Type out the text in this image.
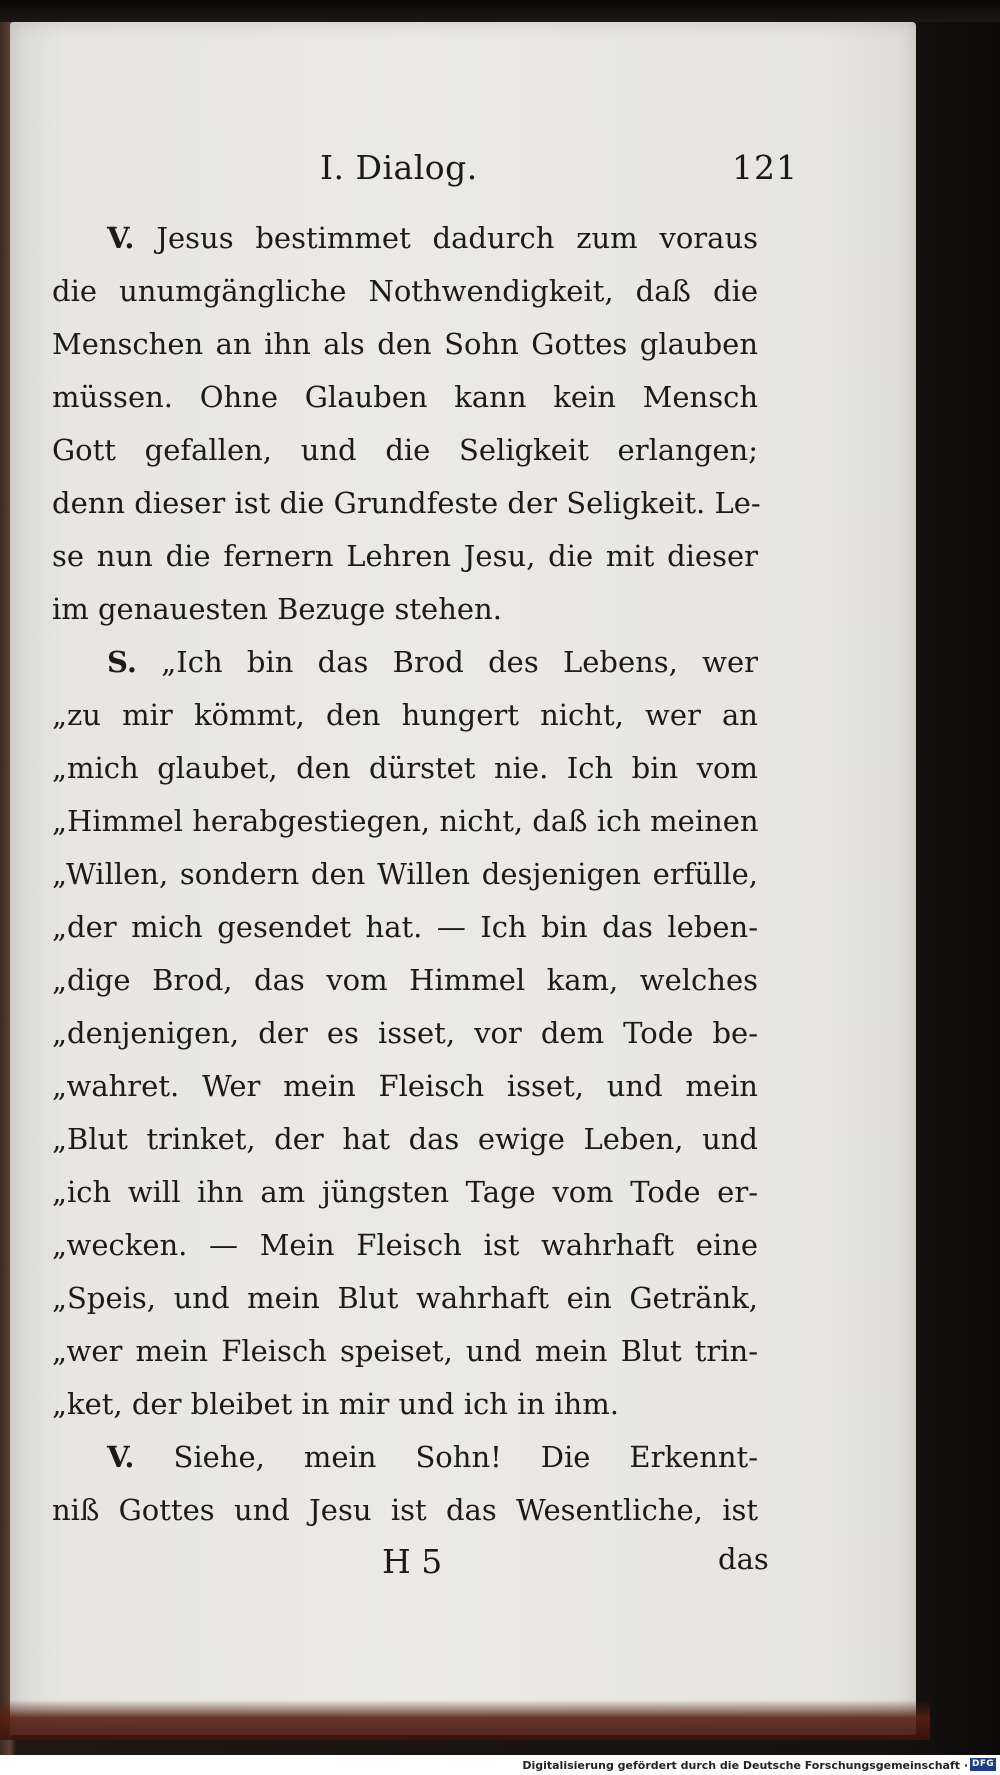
I. Dialog.	121
V. Jesus bestimmet dadurch zum voraus
die unumgängliche Nothwendigkeit, daß die
Menschen an ihn als den Sohn Gottes glauben
müssen. Ohne Glauben kann kein Mensch
Gott gefallen, und die Seligkeit erlangen;
denn dieser ist die Grundfeste der Seligkeit. Le-
se nun die fernern Lehren Jesu, die mit dieser
im genauesten Bezuge stehen.
S. „Ich bin das Brod des Lebens, wer
„zu mir kömmt, den hungert nicht, wer an
„mich glaubet, den dürstet nie. Ich bin vom
„Himmel herabgestiegen, nicht, daß ich meinen
„Willen, sondern den Willen desjenigen erfülle,
„der mich gesendet hat. — Ich bin das leben-
„dige Brod, das vom Himmel kam, welches
„denjenigen, der es isset, vor dem Tode be-
„wahret. Wer mein Fleisch isset, und mein
„Blut trinket, der hat das ewige Leben, und
„ich will ihn am jüngsten Tage vom Tode er-
„wecken. — Mein Fleisch ist wahrhaft eine
„Speis, und mein Blut wahrhaft ein Getränk,
„wer mein Fleisch speiset, und mein Blut trin-
„ket, der bleibet in mir und ich in ihm.
V. Siehe, mein Sohn! Die Erkennt-
niß Gottes und Jesu ist das Wesentliche, ist
H 5	das
Digitalisierung gefördert durch die Deutsche Forschungsgemeinschaft · DFG
